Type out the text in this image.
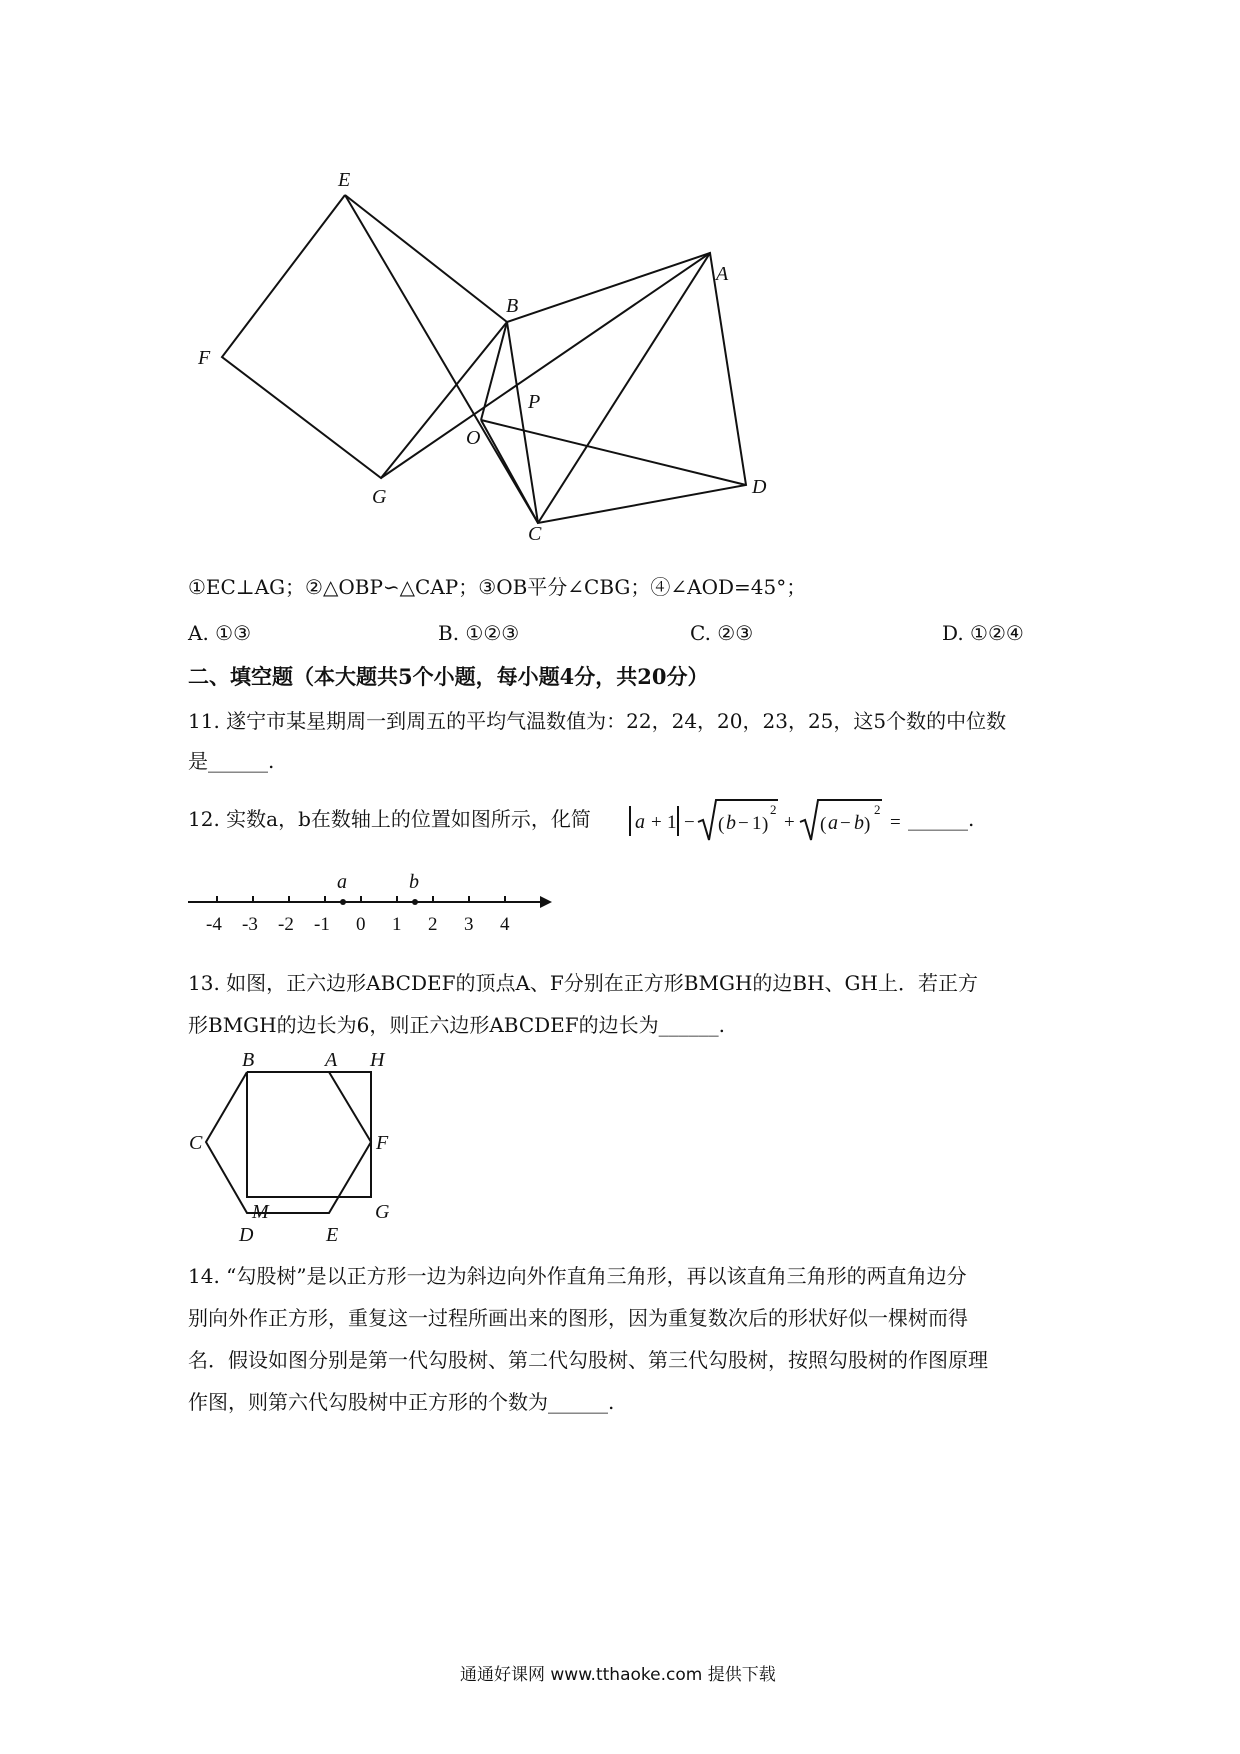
E
F
B
A
P
O
G
C
D
①EC⊥AG；②△OBP∽△CAP；③OB平分∠CBG；④∠AOD=45°；
A. ①③	B. ①②③	C. ②③	D. ①②④
二、填空题（本大题共5个小题，每小题4分，共20分）
11. 遂宁市某星期周一到周五的平均气温数值为：22，24，20，23，25，这5个数的中位数
是______.
12. 实数a，b在数轴上的位置如图所示，化简 a + 1 − ( b − 1 )
2
+ ( a − b )
2
= ______.
-4 -3 -2 -1 0 1 2 3 4
a	b
13. 如图，正六边形ABCDEF的顶点A、F分别在正方形BMGH的边BH、GH上．若正方
形BMGH的边长为6，则正六边形ABCDEF的边长为______.
B	A H
C	F
M	G
D	E
14. “勾股树”是以正方形一边为斜边向外作直角三角形，再以该直角三角形的两直角边分
别向外作正方形，重复这一过程所画出来的图形，因为重复数次后的形状好似一棵树而得
名．假设如图分别是第一代勾股树、第二代勾股树、第三代勾股树，按照勾股树的作图原理
作图，则第六代勾股树中正方形的个数为______.
通通好课网 www.tthaoke.com 提供下载
